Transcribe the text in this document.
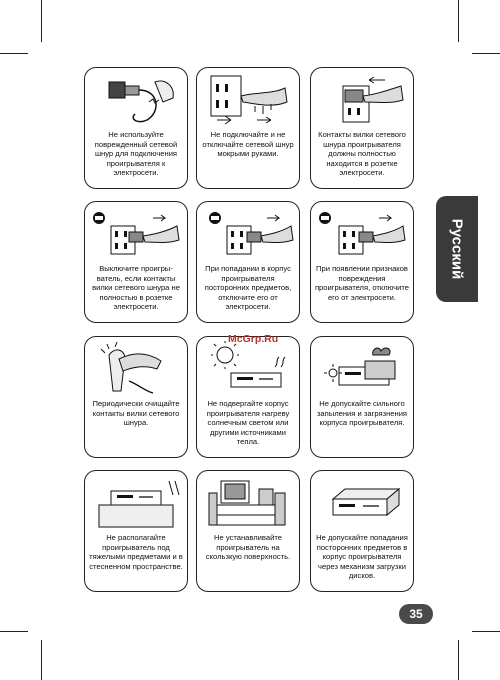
Русский
Не используйте поврежденный сетевой шнур для подключения проигрывателя к электросети.
Не подключайте и не отключайте сетевой шнур мокрыми руками.
Контакты вилки сетевого шнура проигрывателя должны полностью находится в розетке электросети.
Выключите проигры-ватель, если контакты вилки сетевого шнура не полностью в розетке электросети.
При попадании в корпус проигрывателя посторонних предметов, отключите его от электросети.
При появлении признаков повреждения проигрывателя, отключите его от электросети.
Периодически очищайте контакты вилки сетевого шнура.
Не подвергайте корпус проигрывателя нагреву солнечным светом или другими источниками тепла.
Не допускайте сильного запыления и загрязнения корпуса проигрывателя.
Не располагайте проигрыватель под тяжелыми предметами и в стесненном пространстве.
Не устанавливайте проигрыватель на скользкую поверхность.
Не допускайте попадания посторонних предметов в корпус проигрывателя через механизм загрузки дисков.
McGrp.Ru
35
